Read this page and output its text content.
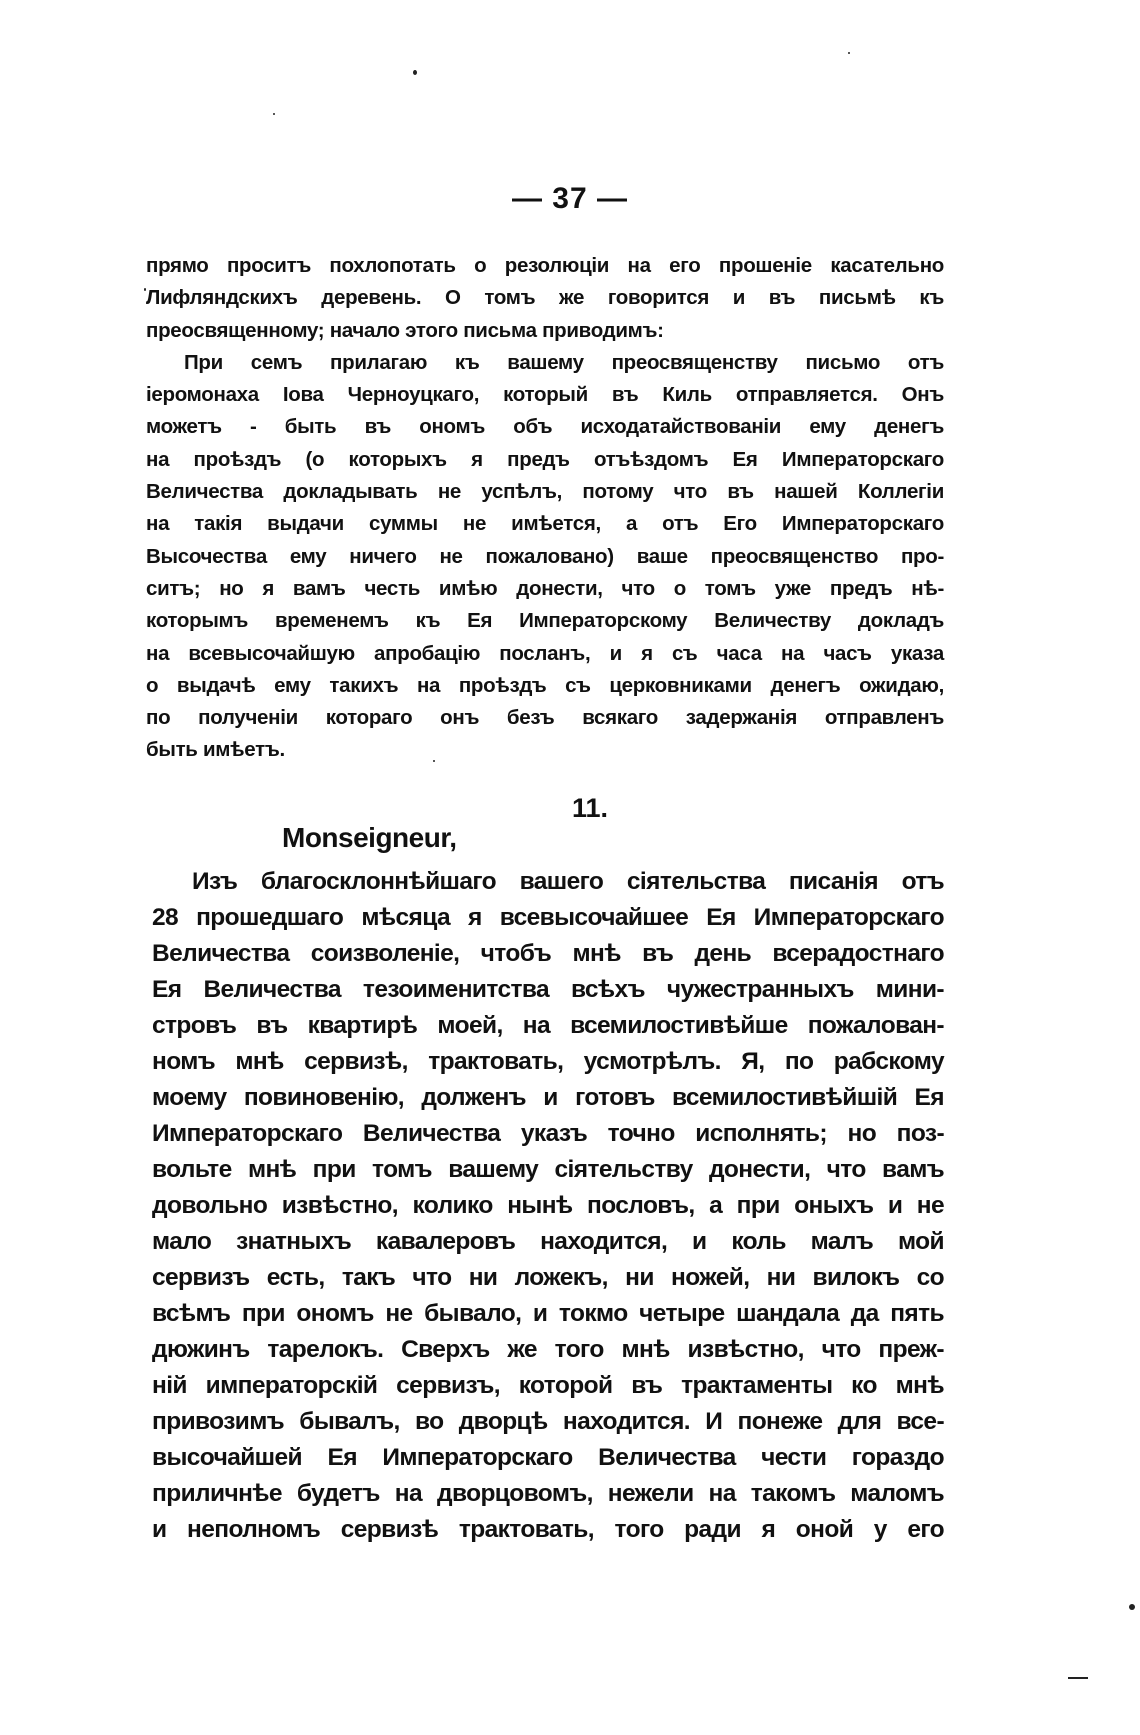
— 37 —
прямо проситъ похлопотать о резолюціи на его прошеніе касательно
Лифляндскихъ деревень. О томъ же говорится и въ письмѣ къ
преосвященному; начало этого письма приводимъ:
При семъ прилагаю къ вашему преосвященству письмо отъ
іеромонаха Іова Черноуцкаго, который въ Киль отправляется. Онъ
можетъ - быть въ ономъ объ исходатайствованіи ему денегъ
на проѣздъ (о которыхъ я предъ отъѣздомъ Ея Императорскаго
Величества докладывать не успѣлъ, потому что въ нашей Коллегіи
на такія выдачи суммы не имѣется, а отъ Его Императорскаго
Высочества ему ничего не пожаловано) ваше преосвященство про-
ситъ; но я вамъ честь имѣю донести, что о томъ уже предъ нѣ-
которымъ временемъ къ Ея Императорскому Величеству докладъ
на всевысочайшую апробацію посланъ, и я съ часа на часъ указа
о выдачѣ ему такихъ на проѣздъ съ церковниками денегъ ожидаю,
по полученіи котораго онъ безъ всякаго задержанія отправленъ
быть имѣетъ.
11.
Monseigneur,
Изъ благосклоннѣйшаго вашего сіятельства писанія отъ
28 прошедшаго мѣсяца я всевысочайшее Ея Императорскаго
Величества соизволеніе, чтобъ мнѣ въ день всерадостнаго
Ея Величества тезоименитства всѣхъ чужестранныхъ мини-
стровъ въ квартирѣ моей, на всемилостивѣйше пожалован-
номъ мнѣ сервизѣ, трактовать, усмотрѣлъ. Я, по рабскому
моему повиновенію, долженъ и готовъ всемилостивѣйшій Ея
Императорскаго Величества указъ точно исполнять; но поз-
вольте мнѣ при томъ вашему сіятельству донести, что вамъ
довольно извѣстно, колико нынѣ пословъ, а при оныхъ и не
мало знатныхъ кавалеровъ находится, и коль малъ мой
сервизъ есть, такъ что ни ложекъ, ни ножей, ни вилокъ со
всѣмъ при ономъ не бывало, и токмо четыре шандала да пять
дюжинъ тарелокъ. Сверхъ же того мнѣ извѣстно, что преж-
ній императорскій сервизъ, которой въ трактаменты ко мнѣ
привозимъ бывалъ, во дворцѣ находится. И понеже для все-
высочайшей Ея Императорскаго Величества чести гораздо
приличнѣе будетъ на дворцовомъ, нежели на такомъ маломъ
и неполномъ сервизѣ трактовать, того ради я оной у его
